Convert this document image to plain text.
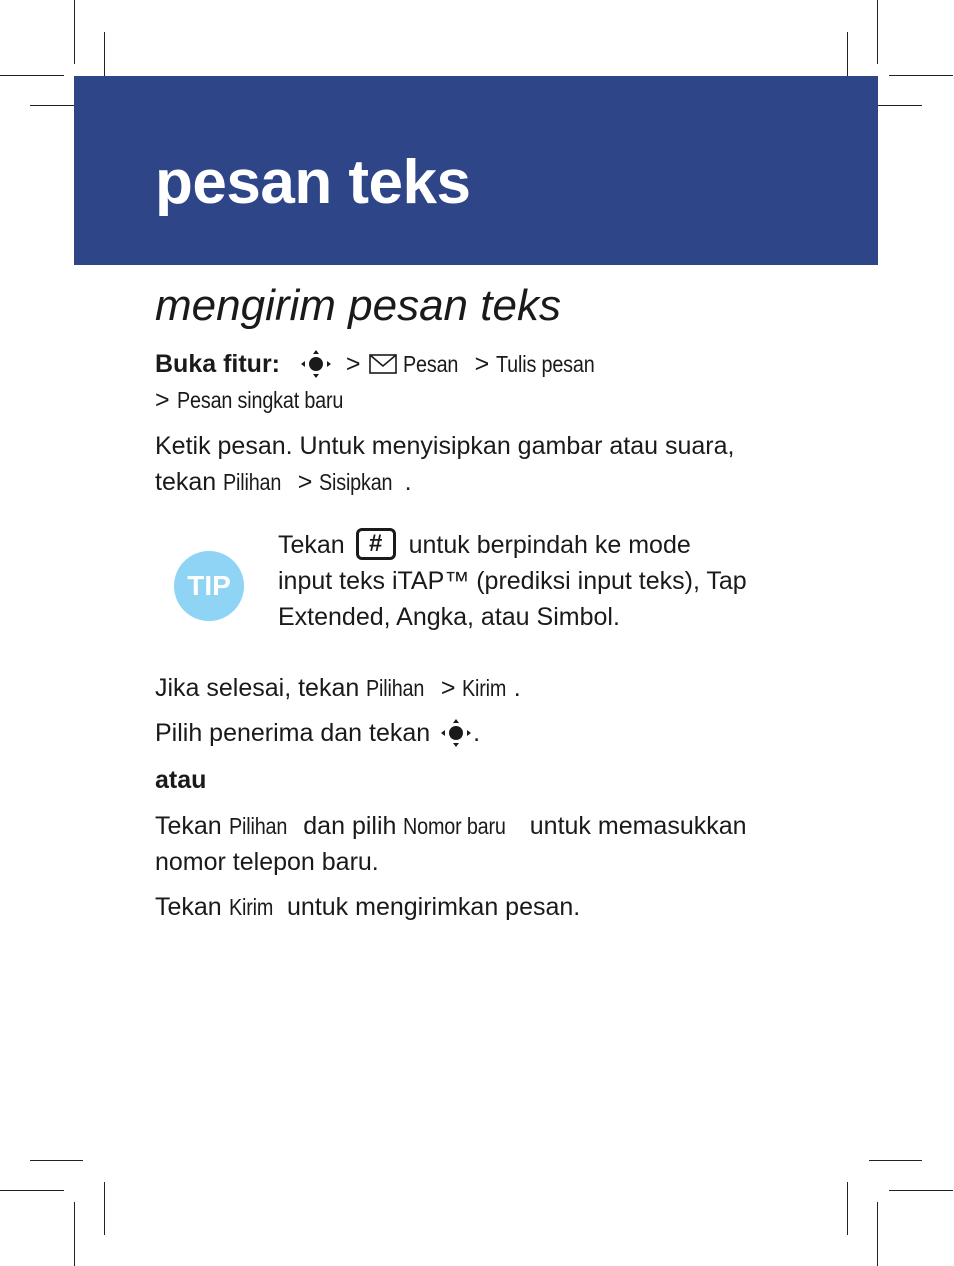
pesan teks
mengirim pesan teks

Buka fitur:	> Pesan > Tulis pesan

> Pesan singkat baru

Ketik pesan. Untuk menyisipkan gambar atau suara,

tekan Pilihan > Sisipkan .

TIP
Tekan # untuk berpindah ke mode
input teks iTAP™ (prediksi input teks), Tap
Extended, Angka, atau Simbol.

Jika selesai, tekan Pilihan > Kirim .

Pilih penerima dan tekan .

atau

Tekan Pilihan dan pilih Nomor baru untuk memasukkan

nomor telepon baru.

Tekan Kirim untuk mengirimkan pesan.
